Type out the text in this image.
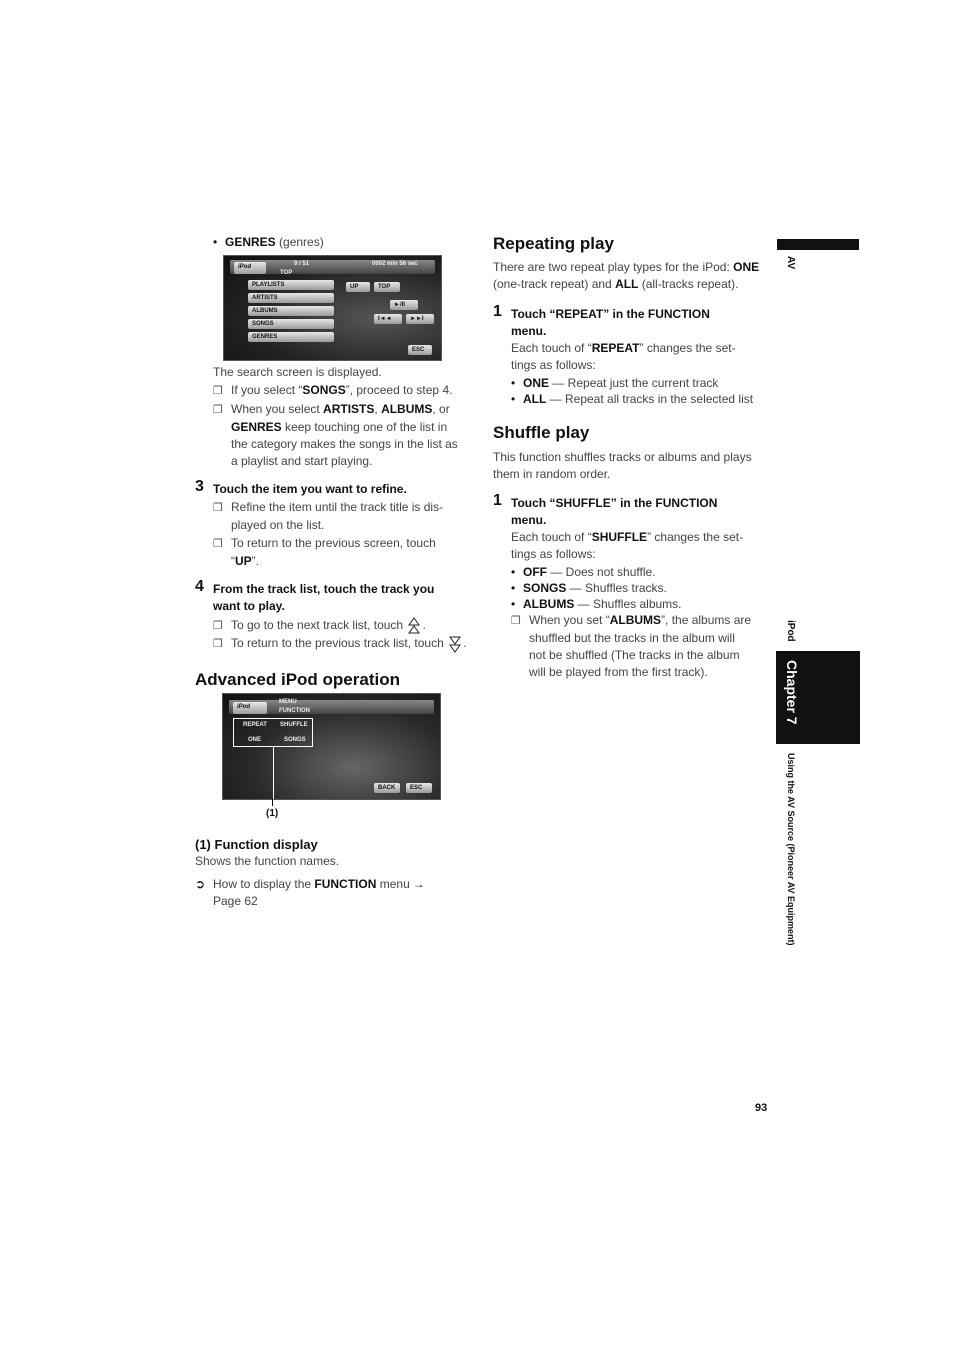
• GENRES (genres)
iPod	9 / 51	0002 min 56 sec
TOP
PLAYLISTS
ARTISTS
ALBUMS
SONGS
GENRES
UP	TOP
►/II
I◄◄	►►I
ESC
The search screen is displayed.
❐ If you select “SONGS”, proceed to step 4.
❐ When you select ARTISTS, ALBUMS, or
GENRES keep touching one of the list in
the category makes the songs in the list as
a playlist and start playing.
3 Touch the item you want to refine.
❐ Refine the item until the track title is dis-
played on the list.
❐ To return to the previous screen, touch
“UP”.
4 From the track list, touch the track you
want to play.
❐ To go to the next track list, touch .
❐ To return to the previous track list, touch .
Advanced iPod operation
iPod
MENU
FUNCTION
REPEAT SHUFFLE
ONE	SONGS
BACK	ESC
(1)
(1) Function display
Shows the function names.
➲ How to display the FUNCTION menu →
Page 62
Repeating play
There are two repeat play types for the iPod: ONE
(one-track repeat) and ALL (all-tracks repeat).
1 Touch “REPEAT” in the FUNCTION
menu.
Each touch of “REPEAT” changes the set-
tings as follows:
• ONE — Repeat just the current track
• ALL — Repeat all tracks in the selected list
Shuffle play
This function shuffles tracks or albums and plays
them in random order.
1 Touch “SHUFFLE” in the FUNCTION
menu.
Each touch of “SHUFFLE” changes the set-
tings as follows:
• OFF — Does not shuffle.
• SONGS — Shuffles tracks.
• ALBUMS — Shuffles albums.
❐ When you set “ALBUMS”, the albums are
shuffled but the tracks in the album will
not be shuffled (The tracks in the album
will be played from the first track).
AV
iPod
Chapter 7
Using the AV Source (Pioneer AV Equipment)
93
